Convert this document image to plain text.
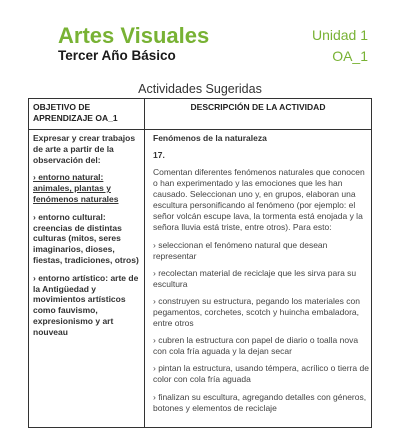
Artes Visuales
Tercer Año Básico
Unidad 1
OA_1
Actividades Sugeridas
OBJETIVO DE APRENDIZAJE OA_1
DESCRIPCIÓN DE LA ACTIVIDAD

Expresar y crear trabajos de arte a partir de la observación del:

› entorno natural: animales, plantas y fenómenos naturales

› entorno cultural: creencias de distintas culturas (mitos, seres imaginarios, dioses, fiestas, tradiciones, otros)

› entorno artístico: arte de la Antigüedad y movimientos artísticos como fauvismo, expresionismo y art nouveau

Fenómenos de la naturaleza

17.

Comentan diferentes fenómenos naturales que conocen o han experimentado y las emociones que les han causado. Seleccionan uno y, en grupos, elaboran una escultura personificando al fenómeno (por ejemplo: el señor volcán escupe lava, la tormenta está enojada y la señora lluvia está triste, entre otros). Para esto:

› seleccionan el fenómeno natural que desean representar

› recolectan material de reciclaje que les sirva para su escultura

› construyen su estructura, pegando los materiales con pegamentos, corchetes, scotch y huincha embaladora, entre otros

› cubren la estructura con papel de diario o toalla nova con cola fría aguada y la dejan secar

› pintan la estructura, usando témpera, acrílico o tierra de color con cola fría aguada

› finalizan su escultura, agregando detalles con géneros, botones y elementos de reciclaje
